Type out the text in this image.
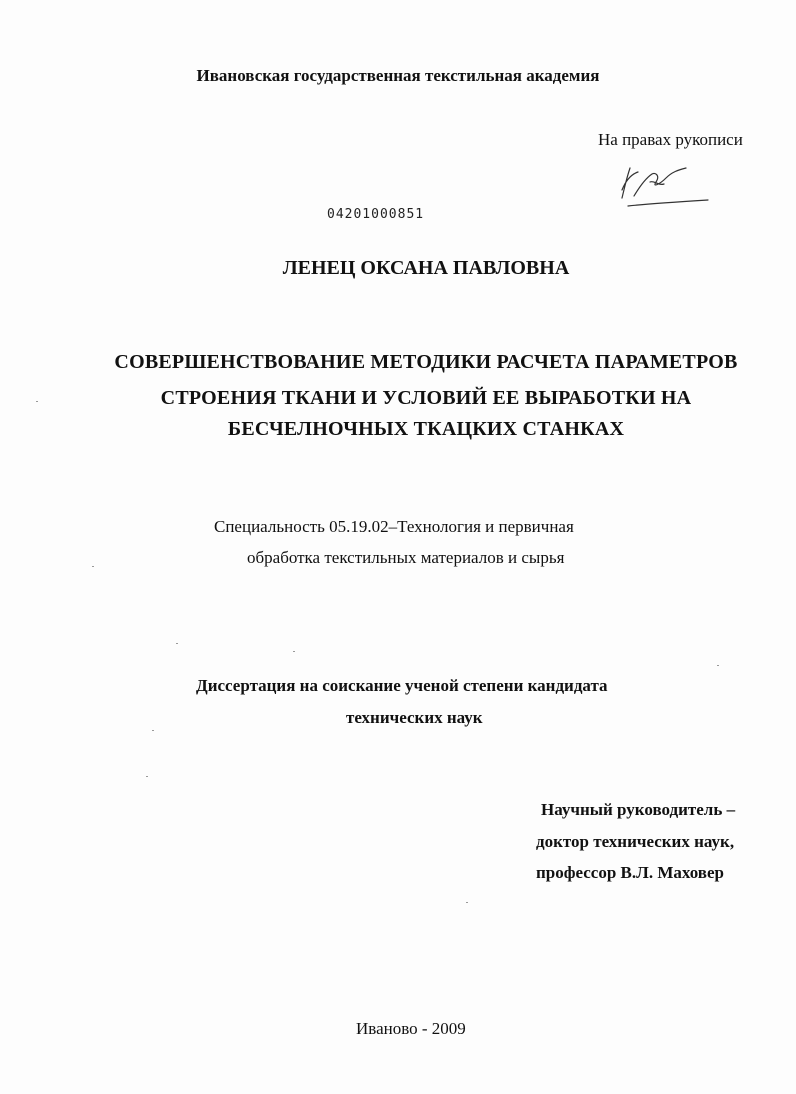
Ивановская государственная текстильная академия

На правах рукописи

04201000851

ЛЕНЕЦ ОКСАНА ПАВЛОВНА

СОВЕРШЕНСТВОВАНИЕ МЕТОДИКИ РАСЧЕТА ПАРАМЕТРОВ

СТРОЕНИЯ ТКАНИ И УСЛОВИЙ ЕЕ ВЫРАБОТКИ НА

БЕСЧЕЛНОЧНЫХ ТКАЦКИХ СТАНКАХ

Специальность 05.19.02–Технология и первичная

обработка текстильных материалов и сырья

Диссертация на соискание ученой степени кандидата

технических наук

Научный руководитель –

доктор технических наук,

профессор В.Л. Маховер

Иваново - 2009
